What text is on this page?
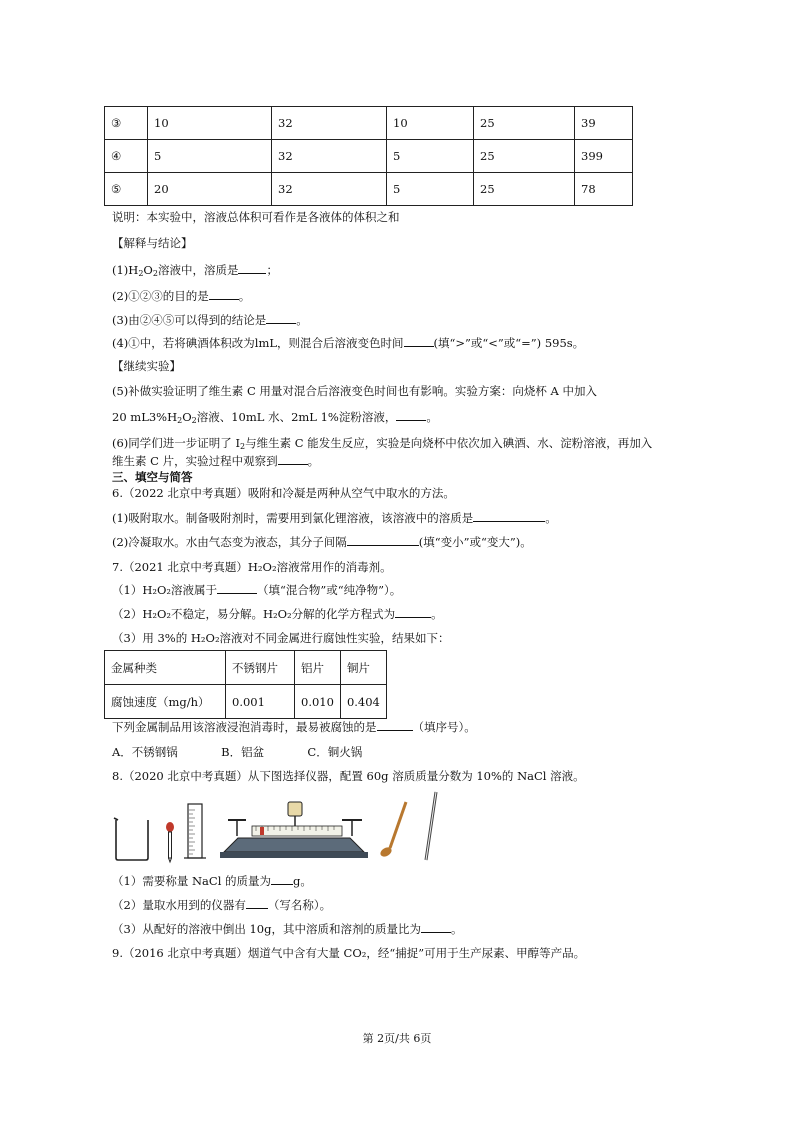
③	10	32	10	25	39
④	5	32	5	25	399
⑤	20	32	5	25	78
说明：本实验中，溶液总体积可看作是各液体的体积之和
【解释与结论】
$(1)H_2O_2$溶液中，溶质是 ；
(2)①②③的目的是	。
(3)由②④⑤可以得到的结论是	。
(4)①中，若将碘酒体积改为lmL，则混合后溶液变色时间	(填“>”或“<”或“=”) 595s。
【继续实验】
(5)补做实验证明了维生素 C 用量对混合后溶液变色时间也有影响。实验方案：向烧杯 A 中加入
20 $mL3\%H_2O_2$溶液、10mL 水、2mL 1%淀粉溶液，	。
(6)同学们进一步证明了 $I_2$与维生素 C 能发生反应，实验是向烧杯中依次加入碘酒、水、淀粉溶液，再加入
维生素 C 片，实验过程中观察到	。
三、填空与简答
6.（2022 北京中考真题）吸附和冷凝是两种从空气中取水的方法。
(1)吸附取水。制备吸附剂时，需要用到氯化锂溶液，该溶液中的溶质是	。
(2)冷凝取水。水由气态变为液态，其分子间隔	(填“变小”或“变大”)。
7.（2021 北京中考真题）H₂O₂溶液常用作的消毒剂。
（1）H₂O₂溶液属于	（填“混合物”或“纯净物”）。
（2）H₂O₂不稳定，易分解。H₂O₂分解的化学方程式为	。
（3）用 3%的 H₂O₂溶液对不同金属进行腐蚀性实验，结果如下：
金属种类	不锈钢片	铝片	铜片
腐蚀速度（mg/h）	0.001	0.010	0.404
下列金属制品用该溶液浸泡消毒时，最易被腐蚀的是	（填序号）。
A．不锈钢锅	B．铝盆	C．铜火锅
8.（2020 北京中考真题）从下图选择仪器，配置 60g 溶质质量分数为 10%的 NaCl 溶液。
（1）需要称量 NaCl 的质量为 g。
（2）量取水用到的仪器有 （写名称）。
（3）从配好的溶液中倒出 10g，其中溶质和溶剂的质量比为	。
9.（2016 北京中考真题）烟道气中含有大量 CO₂，经“捕捉”可用于生产尿素、甲醇等产品。
第 2页/共 6页
